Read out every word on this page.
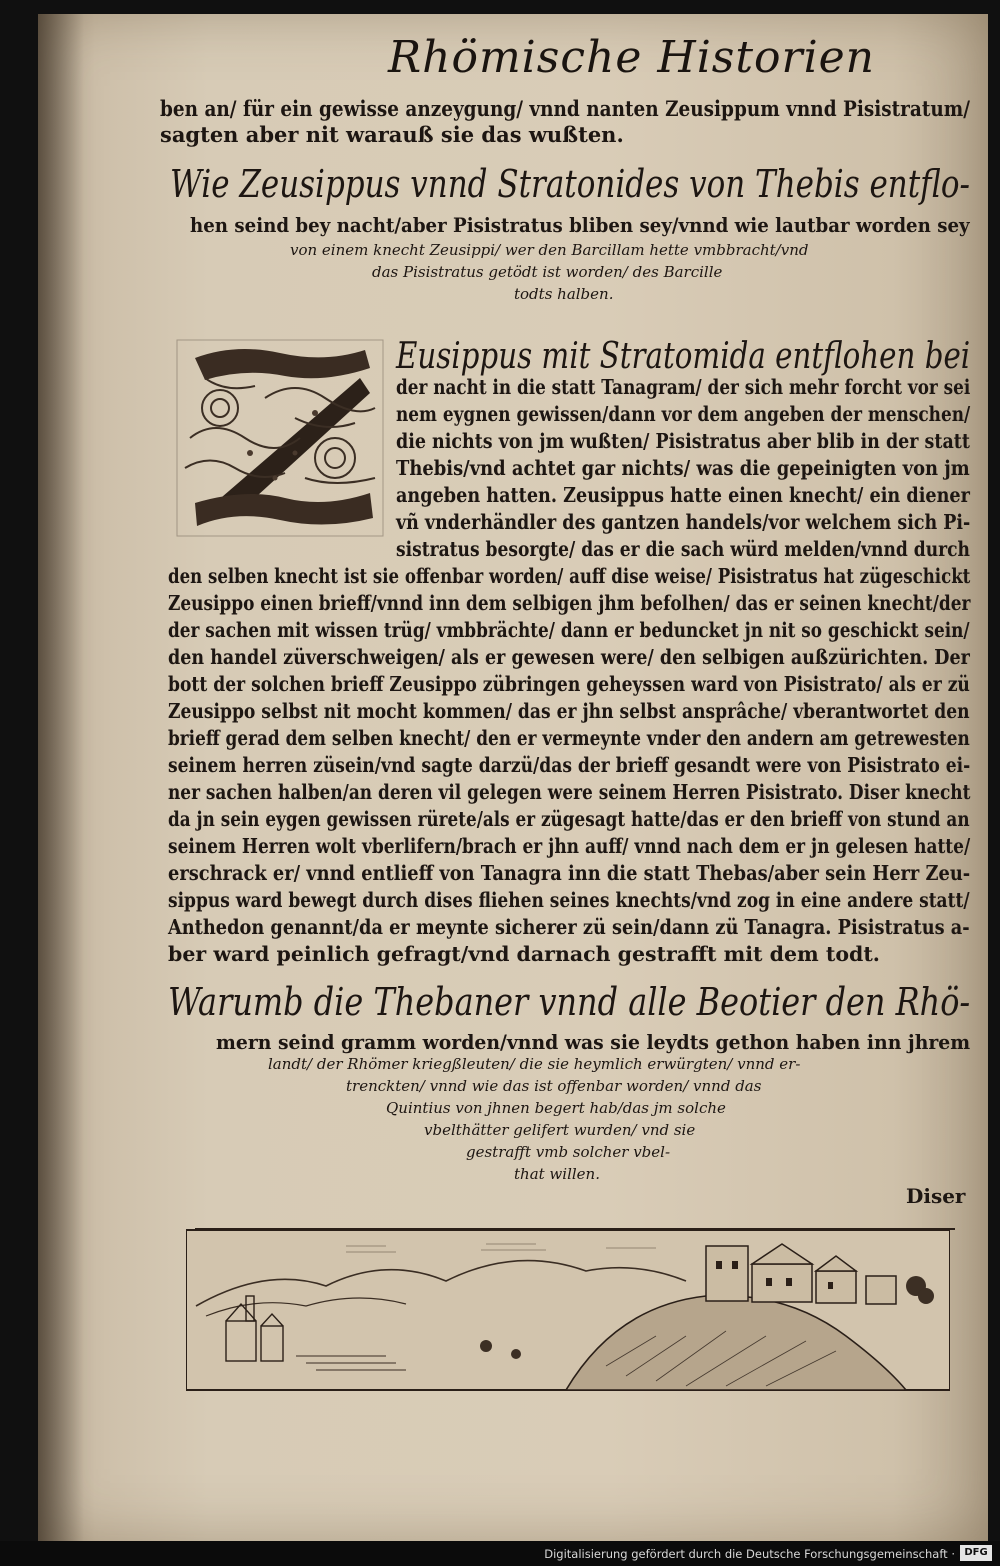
Rhömische Historien
ben an/ für ein gewisse anzeygung/ vnnd nanten Zeusippum vnnd Pisistratum/
sagten aber nit warauß sie das wußten.
Wie Zeusippus vnnd Stratonides von Thebis entflo-
hen seind bey nacht/aber Pisistratus bliben sey/vnnd wie lautbar worden sey
von einem knecht Zeusippi/ wer den Barcillam hette vmbbracht/vnd
das Pisistratus getödt ist worden/ des Barcille
todts halben.
Eusippus mit Stratomida entflohen bei
der nacht in die statt Tanagram/ der sich mehr forcht vor sei
nem eygnen gewissen/dann vor dem angeben der menschen/
die nichts von jm wußten/ Pisistratus aber blib in der statt
Thebis/vnd achtet gar nichts/ was die gepeinigten von jm
angeben hatten. Zeusippus hatte einen knecht/ ein diener
vñ vnderhändler des gantzen handels/vor welchem sich Pi-
sistratus besorgte/ das er die sach würd melden/vnnd durch
den selben knecht ist sie offenbar worden/ auff dise weise/ Pisistratus hat zügeschickt
Zeusippo einen brieff/vnnd inn dem selbigen jhm befolhen/ das er seinen knecht/der
der sachen mit wissen trüg/ vmbbrächte/ dann er beduncket jn nit so geschickt sein/
den handel züverschweigen/ als er gewesen were/ den selbigen außzürichten. Der
bott der solchen brieff Zeusippo zübringen geheyssen ward von Pisistrato/ als er zü
Zeusippo selbst nit mocht kommen/ das er jhn selbst ansprâche/ vberantwortet den
brieff gerad dem selben knecht/ den er vermeynte vnder den andern am getrewesten
seinem herren züsein/vnd sagte darzü/das der brieff gesandt were von Pisistrato ei-
ner sachen halben/an deren vil gelegen were seinem Herren Pisistrato. Diser knecht
da jn sein eygen gewissen rürete/als er zügesagt hatte/das er den brieff von stund an
seinem Herren wolt vberlifern/brach er jhn auff/ vnnd nach dem er jn gelesen hatte/
erschrack er/ vnnd entlieff von Tanagra inn die statt Thebas/aber sein Herr Zeu-
sippus ward bewegt durch dises fliehen seines knechts/vnd zog in eine andere statt/
Anthedon genannt/da er meynte sicherer zü sein/dann zü Tanagra. Pisistratus a-
ber ward peinlich gefragt/vnd darnach gestrafft mit dem todt.
Warumb die Thebaner vnnd alle Beotier den Rhö-
mern seind gramm worden/vnnd was sie leydts gethon haben inn jhrem
landt/ der Rhömer kriegßleuten/ die sie heymlich erwürgten/ vnnd er-
trenckten/ vnnd wie das ist offenbar worden/ vnnd das
Quintius von jhnen begert hab/das jm solche
vbelthätter gelifert wurden/ vnd sie
gestrafft vmb solcher vbel-
that willen.
Diser
Digitalisierung gefördert durch die Deutsche Forschungsgemeinschaft · DFG
